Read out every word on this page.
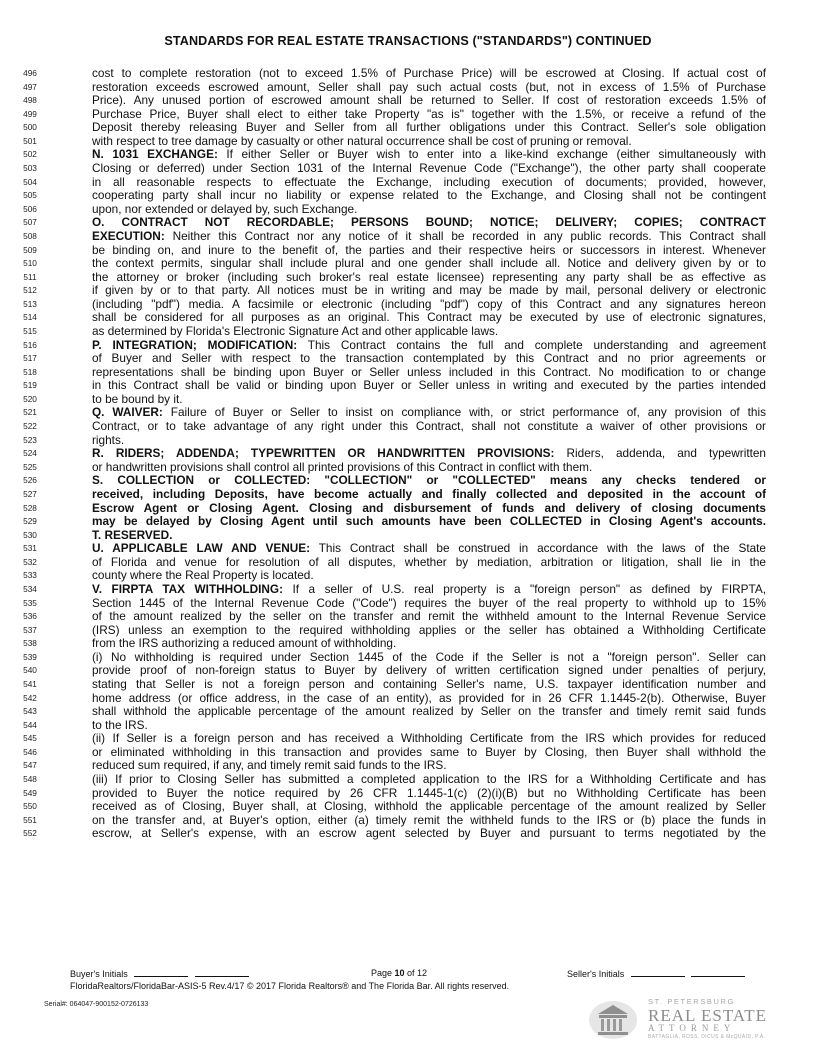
STANDARDS FOR REAL ESTATE TRANSACTIONS ("STANDARDS") CONTINUED
496	cost to complete restoration (not to exceed 1.5% of Purchase Price) will be escrowed at Closing. If actual cost of
497	restoration exceeds escrowed amount, Seller shall pay such actual costs (but, not in excess of 1.5% of Purchase
498	Price). Any unused portion of escrowed amount shall be returned to Seller. If cost of restoration exceeds 1.5% of
499	Purchase Price, Buyer shall elect to either take Property "as is" together with the 1.5%, or receive a refund of the
500	Deposit thereby releasing Buyer and Seller from all further obligations under this Contract. Seller's sole obligation
501	with respect to tree damage by casualty or other natural occurrence shall be cost of pruning or removal.
502	N. 1031 EXCHANGE: If either Seller or Buyer wish to enter into a like-kind exchange (either simultaneously with
503	Closing or deferred) under Section 1031 of the Internal Revenue Code ("Exchange"), the other party shall cooperate
504	in all reasonable respects to effectuate the Exchange, including execution of documents; provided, however,
505	cooperating party shall incur no liability or expense related to the Exchange, and Closing shall not be contingent
506	upon, nor extended or delayed by, such Exchange.
507	O. CONTRACT NOT RECORDABLE; PERSONS BOUND; NOTICE; DELIVERY; COPIES; CONTRACT
508	EXECUTION: Neither this Contract nor any notice of it shall be recorded in any public records. This Contract shall
509	be binding on, and inure to the benefit of, the parties and their respective heirs or successors in interest. Whenever
510	the context permits, singular shall include plural and one gender shall include all. Notice and delivery given by or to
511	the attorney or broker (including such broker's real estate licensee) representing any party shall be as effective as
512	if given by or to that party. All notices must be in writing and may be made by mail, personal delivery or electronic
513	(including "pdf") media. A facsimile or electronic (including "pdf") copy of this Contract and any signatures hereon
514	shall be considered for all purposes as an original. This Contract may be executed by use of electronic signatures,
515	as determined by Florida's Electronic Signature Act and other applicable laws.
516	P. INTEGRATION; MODIFICATION: This Contract contains the full and complete understanding and agreement
517	of Buyer and Seller with respect to the transaction contemplated by this Contract and no prior agreements or
518	representations shall be binding upon Buyer or Seller unless included in this Contract. No modification to or change
519	in this Contract shall be valid or binding upon Buyer or Seller unless in writing and executed by the parties intended
520	to be bound by it.
521	Q. WAIVER: Failure of Buyer or Seller to insist on compliance with, or strict performance of, any provision of this
522	Contract, or to take advantage of any right under this Contract, shall not constitute a waiver of other provisions or
523	rights.
524	R. RIDERS; ADDENDA; TYPEWRITTEN OR HANDWRITTEN PROVISIONS: Riders, addenda, and typewritten
525	or handwritten provisions shall control all printed provisions of this Contract in conflict with them.
526	S. COLLECTION or COLLECTED: "COLLECTION" or "COLLECTED" means any checks tendered or
527	received, including Deposits, have become actually and finally collected and deposited in the account of
528	Escrow Agent or Closing Agent. Closing and disbursement of funds and delivery of closing documents
529	may be delayed by Closing Agent until such amounts have been COLLECTED in Closing Agent's accounts.
530	T. RESERVED.
531	U. APPLICABLE LAW AND VENUE: This Contract shall be construed in accordance with the laws of the State
532	of Florida and venue for resolution of all disputes, whether by mediation, arbitration or litigation, shall lie in the
533	county where the Real Property is located.
534	V. FIRPTA TAX WITHHOLDING: If a seller of U.S. real property is a "foreign person" as defined by FIRPTA,
535	Section 1445 of the Internal Revenue Code ("Code") requires the buyer of the real property to withhold up to 15%
536	of the amount realized by the seller on the transfer and remit the withheld amount to the Internal Revenue Service
537	(IRS) unless an exemption to the required withholding applies or the seller has obtained a Withholding Certificate
538	from the IRS authorizing a reduced amount of withholding.
539	(i) No withholding is required under Section 1445 of the Code if the Seller is not a "foreign person". Seller can
540	provide proof of non-foreign status to Buyer by delivery of written certification signed under penalties of perjury,
541	stating that Seller is not a foreign person and containing Seller's name, U.S. taxpayer identification number and
542	home address (or office address, in the case of an entity), as provided for in 26 CFR 1.1445-2(b). Otherwise, Buyer
543	shall withhold the applicable percentage of the amount realized by Seller on the transfer and timely remit said funds
544	to the IRS.
545	(ii) If Seller is a foreign person and has received a Withholding Certificate from the IRS which provides for reduced
546	or eliminated withholding in this transaction and provides same to Buyer by Closing, then Buyer shall withhold the
547	reduced sum required, if any, and timely remit said funds to the IRS.
548	(iii) If prior to Closing Seller has submitted a completed application to the IRS for a Withholding Certificate and has
549	provided to Buyer the notice required by 26 CFR 1.1445-1(c) (2)(i)(B) but no Withholding Certificate has been
550	received as of Closing, Buyer shall, at Closing, withhold the applicable percentage of the amount realized by Seller
551	on the transfer and, at Buyer's option, either (a) timely remit the withheld funds to the IRS or (b) place the funds in
552	escrow, at Seller's expense, with an escrow agent selected by Buyer and pursuant to terms negotiated by the
Buyer's Initials	Page 10 of 12	Seller's Initials
FloridaRealtors/FloridaBar-ASIS-5 Rev.4/17 © 2017 Florida Realtors® and The Florida Bar. All rights reserved.
Serial#: 064047-900152-0726133	ST. PETERSBURG
REAL ESTATE
ATTORNEY
BATTAGLIA, ROSS, DICUS & McQUAID, P.A.
